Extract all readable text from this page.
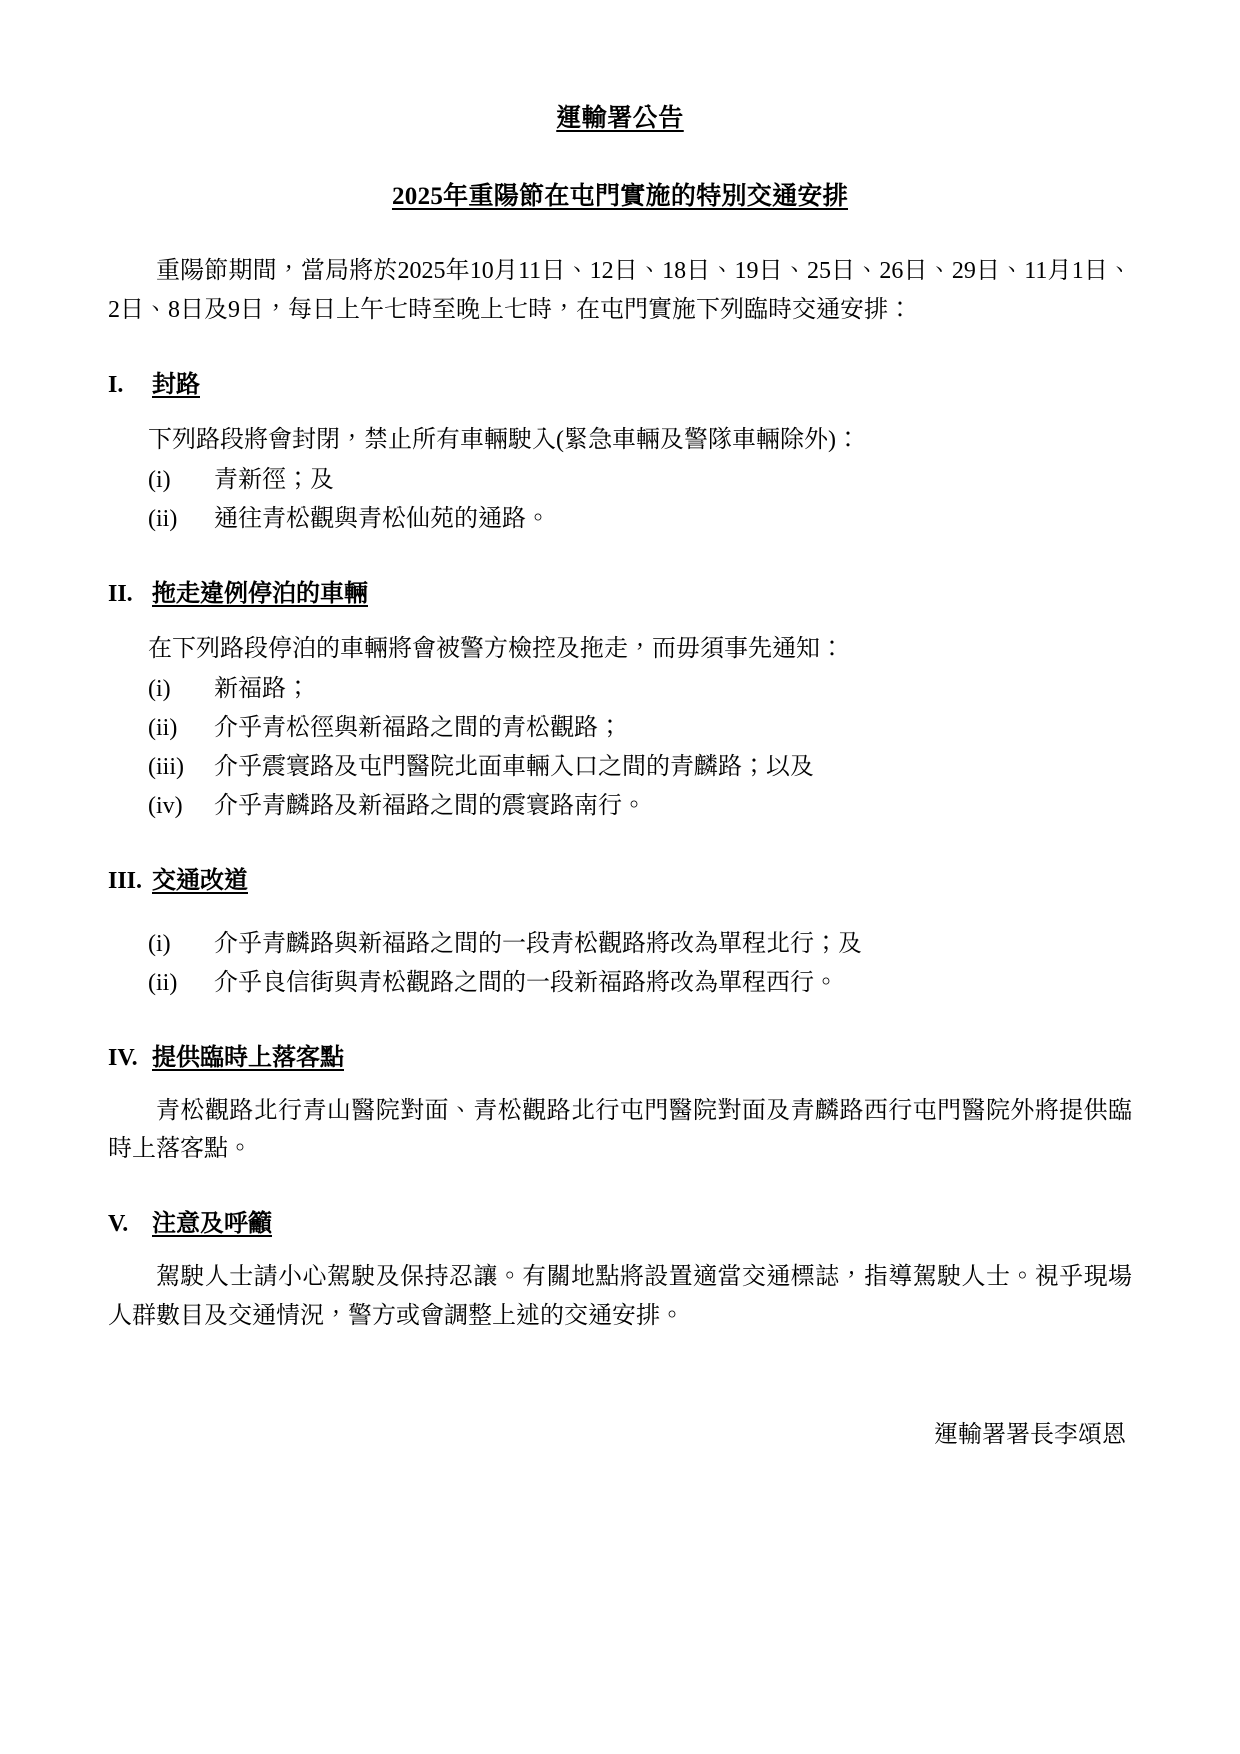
運輸署公告
2025年重陽節在屯門實施的特別交通安排

重陽節期間，當局將於2025年10月11日、12日、18日、19日、25日、26日、29日、11月1日、2日、8日及9日，每日上午七時至晚上七時，在屯門實施下列臨時交通安排：

I.	封路
下列路段將會封閉，禁止所有車輛駛入(緊急車輛及警隊車輛除外)：
(i)	青新徑；及
(ii)	通往青松觀與青松仙苑的通路。
II. 拖走違例停泊的車輛
在下列路段停泊的車輛將會被警方檢控及拖走，而毋須事先通知：
(i)	新福路；
(ii)	介乎青松徑與新福路之間的青松觀路；
(iii)	介乎震寰路及屯門醫院北面車輛入口之間的青麟路；以及
(iv)	介乎青麟路及新福路之間的震寰路南行。
III. 交通改道
(i)	介乎青麟路與新福路之間的一段青松觀路將改為單程北行；及
(ii)	介乎良信街與青松觀路之間的一段新福路將改為單程西行。
IV. 提供臨時上落客點

青松觀路北行青山醫院對面、青松觀路北行屯門醫院對面及青麟路西行屯門醫院外將提供臨時上落客點。

V. 注意及呼籲

駕駛人士請小心駕駛及保持忍讓。有關地點將設置適當交通標誌，指導駕駛人士。視乎現場人群數目及交通情況，警方或會調整上述的交通安排。

運輸署署長李頌恩
